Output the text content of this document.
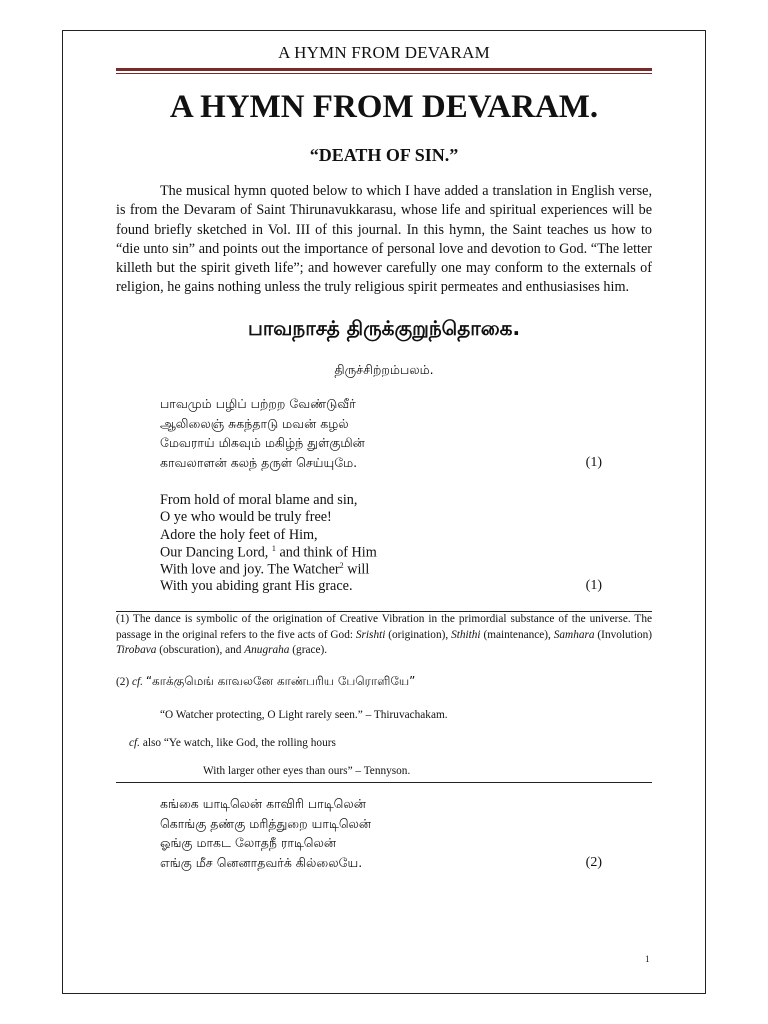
A HYMN FROM DEVARAM
A HYMN FROM DEVARAM.
“DEATH OF SIN.”

The musical hymn quoted below to which I have added a translation in English verse, is from the Devaram of Saint Thirunavukkarasu, whose life and spiritual experiences will be found briefly sketched in Vol. III of this journal. In this hymn, the Saint teaches us how to “die unto sin” and points out the importance of personal love and devotion to God. “The letter killeth but the spirit giveth life”; and however carefully one may conform to the externals of religion, he gains nothing unless the truly religious spirit permeates and enthusiasises him.

பாவநாசத் திருக்குறுந்தொகை.
திருச்சிற்றம்பலம்.
பாவமும் பழிப் பற்றற வேண்டுவீர்
ஆலிலைஞ் சுகந்தாடு மவன் கழல்
மேவராய் மிகவும் மகிழ்ந் துள்குமின்
காவலாளன் கலந் தருள் செய்யுமே.	(1)
From hold of moral blame and sin,
O ye who would be truly free!
Adore the holy feet of Him,
Our Dancing Lord, $^1$ and think of Him
With love and joy. The Watcher$^2$ will
With you abiding grant His grace.	(1)
(1) The dance is symbolic of the origination of Creative Vibration in the primordial substance of the universe. The passage in the original refers to the five acts of God: Srishti (origination), Sthithi (maintenance), Samhara (Involution) Tirobava (obscuration), and Anugraha (grace).
(2) cf. “காக்குமெங் காவலனே காண்பரிய பேரொளியே”
“O Watcher protecting, O Light rarely seen.” – Thiruvachakam.
cf. also “Ye watch, like God, the rolling hours
With larger other eyes than ours” – Tennyson.
கங்கை யாடிலென் காவிரி பாடிலென்
கொங்கு தண்கு மரித்துறை யாடிலென்
ஓங்கு மாகட லோதநீ ராடிலென்
எங்கு மீச னெனாதவர்க் கில்லையே.	(2)
1
